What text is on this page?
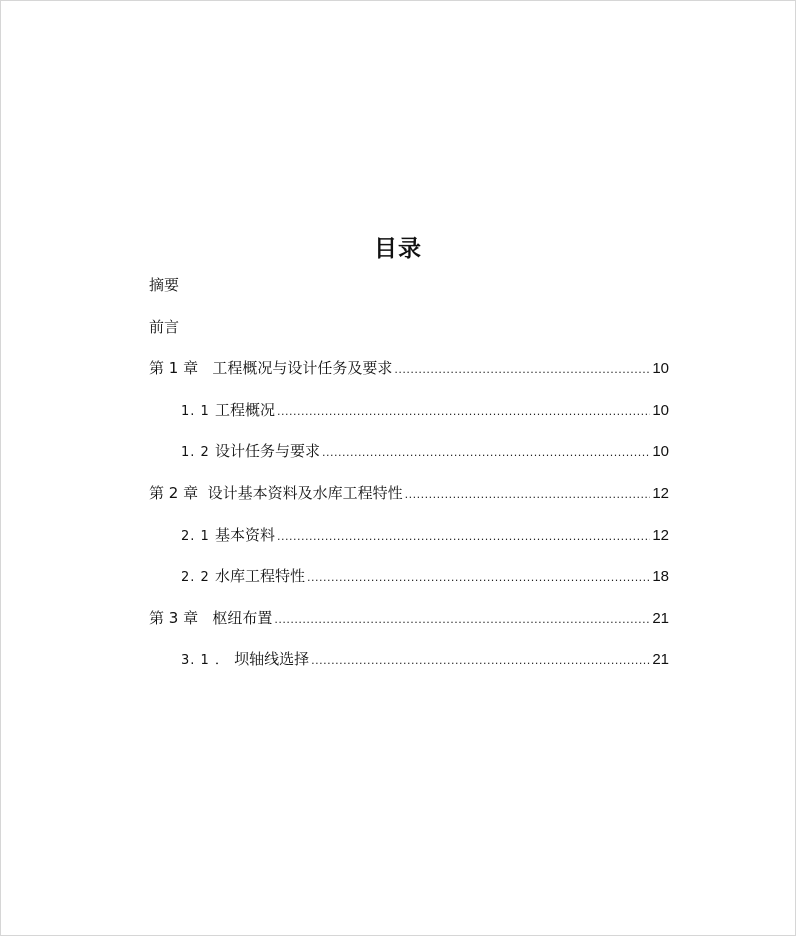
目录
摘要
前言
第 1 章 工程概况与设计任务及要求 .....	10
1. 1 工程概况 .....	10
1. 2 设计任务与要求 .....	10
第 2 章 设计基本资料及水库工程特性 .....	12
2. 1 基本资料 .....	12
2. 2 水库工程特性 .....	18
第 3 章 枢纽布置 .....	21
3. 1 ． 坝轴线选择 .....	21
